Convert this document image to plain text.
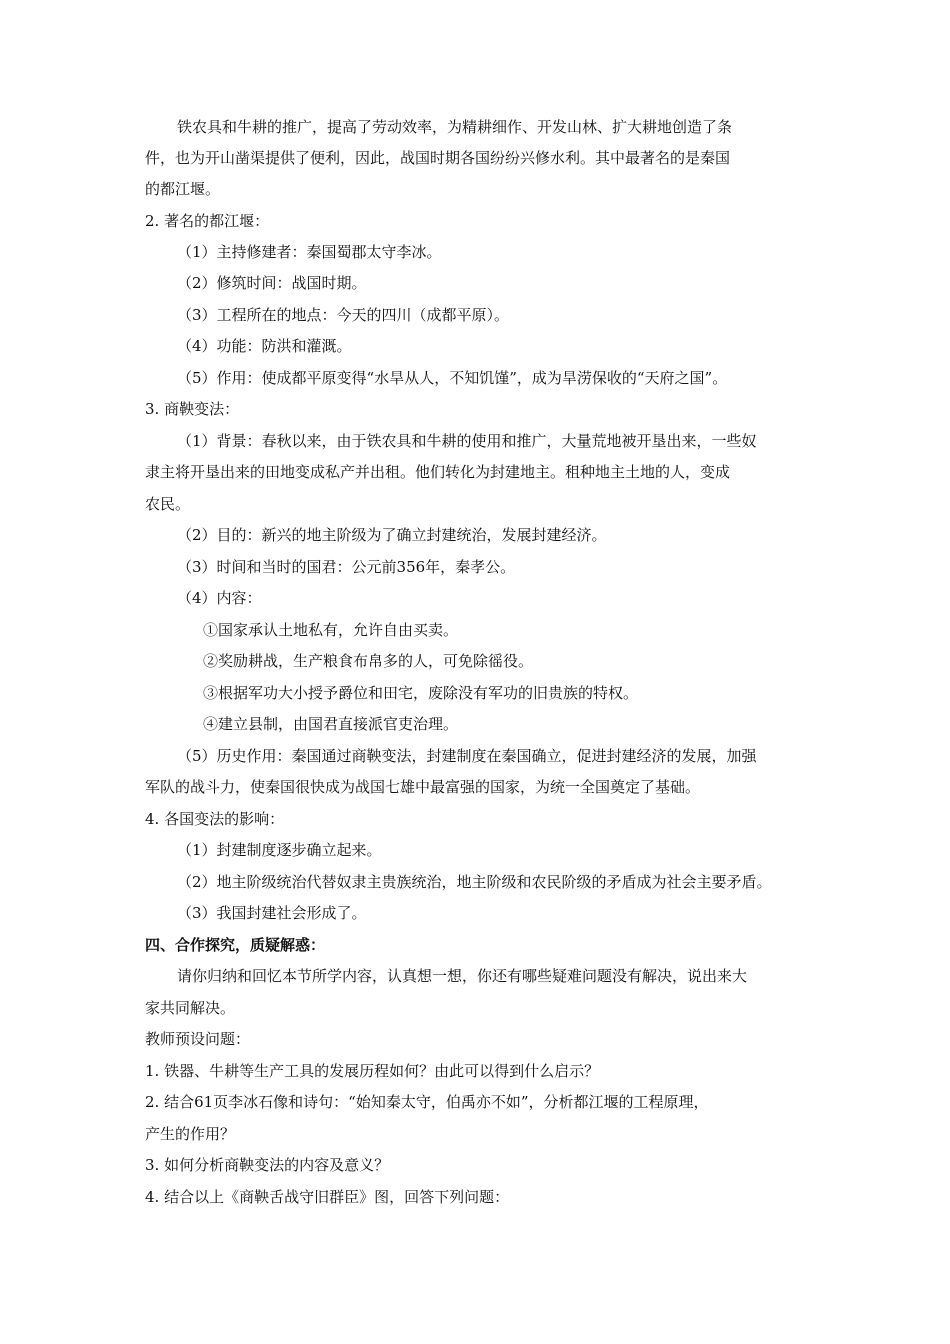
铁农具和牛耕的推广，提高了劳动效率，为精耕细作、开发山林、扩大耕地创造了条
件，也为开山凿渠提供了便利，因此，战国时期各国纷纷兴修水利。其中最著名的是秦国
的都江堰。
2. 著名的都江堰：
（1）主持修建者：秦国蜀郡太守李冰。
（2）修筑时间：战国时期。
（3）工程所在的地点：今天的四川（成都平原）。
（4）功能：防洪和灌溉。
（5）作用：使成都平原变得“水旱从人，不知饥馑”，成为旱涝保收的“天府之国”。
3. 商鞅变法：
（1）背景：春秋以来，由于铁农具和牛耕的使用和推广，大量荒地被开垦出来，一些奴
隶主将开垦出来的田地变成私产并出租。他们转化为封建地主。租种地主土地的人，变成
农民。
（2）目的：新兴的地主阶级为了确立封建统治，发展封建经济。
（3）时间和当时的国君：公元前356年，秦孝公。
（4）内容：
①国家承认土地私有，允许自由买卖。
②奖励耕战，生产粮食布帛多的人，可免除徭役。
③根据军功大小授予爵位和田宅，废除没有军功的旧贵族的特权。
④建立县制，由国君直接派官吏治理。
（5）历史作用：秦国通过商鞅变法，封建制度在秦国确立，促进封建经济的发展，加强
军队的战斗力，使秦国很快成为战国七雄中最富强的国家，为统一全国奠定了基础。
4. 各国变法的影响：
（1）封建制度逐步确立起来。
（2）地主阶级统治代替奴隶主贵族统治，地主阶级和农民阶级的矛盾成为社会主要矛盾。
（3）我国封建社会形成了。
四、合作探究，质疑解惑：
请你归纳和回忆本节所学内容，认真想一想，你还有哪些疑难问题没有解决，说出来大
家共同解决。
教师预设问题：
1. 铁器、牛耕等生产工具的发展历程如何？由此可以得到什么启示？
2. 结合61页李冰石像和诗句：“始知秦太守，伯禹亦不如”，分析都江堰的工程原理，
产生的作用？
3. 如何分析商鞅变法的内容及意义？
4. 结合以上《商鞅舌战守旧群臣》图，回答下列问题：
